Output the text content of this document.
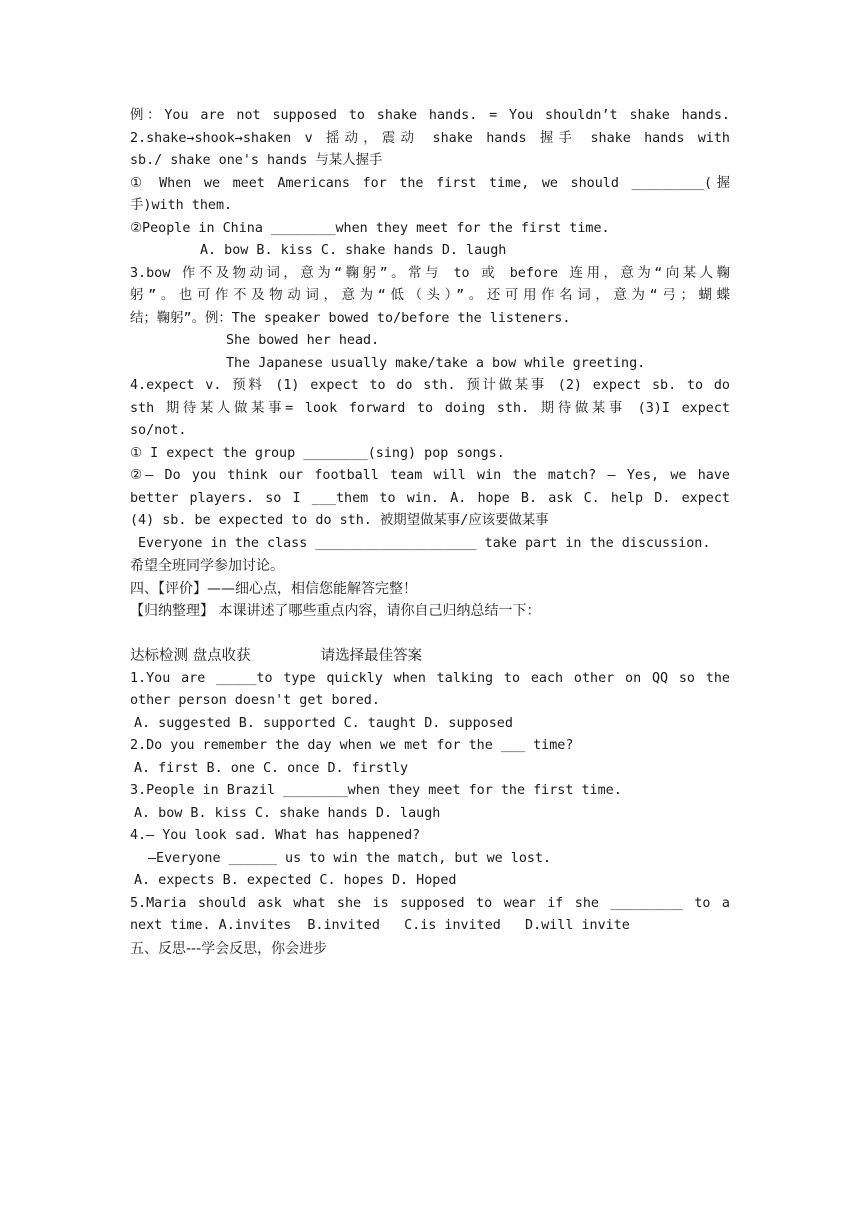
例：You are not supposed to shake hands. = You shouldn’t shake hands.
2.shake→shook→shaken v 摇动，震动 shake hands 握手 shake hands with
sb./ shake one's hands 与某人握手
① When we meet Americans for the first time, we should _________(握
手)with them.
②People in China ________when they meet for the first time.
A. bow B. kiss C. shake hands D. laugh
3.bow 作不及物动词，意为“鞠躬”。常与 to 或 before 连用，意为“向某人鞠
躬”。也可作不及物动词，意为“低（头）”。还可用作名词，意为“弓；蝴蝶
结；鞠躬”。例：The speaker bowed to/before the listeners.
She bowed her head.
The Japanese usually make/take a bow while greeting.
4.expect v. 预料 (1) expect to do sth. 预计做某事 (2) expect sb. to do
sth 期待某人做某事= look forward to doing sth. 期待做某事 (3)I expect
so/not.
① I expect the group ________(sing) pop songs.
②— Do you think our football team will win the match? — Yes, we have
better players. so I ___them to win. A. hope B. ask C. help D. expect
(4) sb. be expected to do sth. 被期望做某事/应该要做某事
Everyone in the class ____________________ take part in the discussion.
希望全班同学参加讨论。
四、【评价】——细心点，相信您能解答完整！
【归纳整理】 本课讲述了哪些重点内容，请你自己归纳总结一下：
达标检测 盘点收获	请选择最佳答案
1.You are _____to type quickly when talking to each other on QQ so the
other person doesn't get bored.
A. suggested B. supported C. taught D. supposed
2.Do you remember the day when we met for the ___ time?
A. first B. one C. once D. firstly
3.People in Brazil ________when they meet for the first time.
A. bow B. kiss C. shake hands D. laugh
4.— You look sad. What has happened?
—Everyone ______ us to win the match, but we lost.
A. expects B. expected C. hopes D. Hoped
5.Maria should ask what she is supposed to wear if she _________ to a
next time. A.invites  B.invited   C.is invited   D.will invite
五、反思---学会反思，你会进步
